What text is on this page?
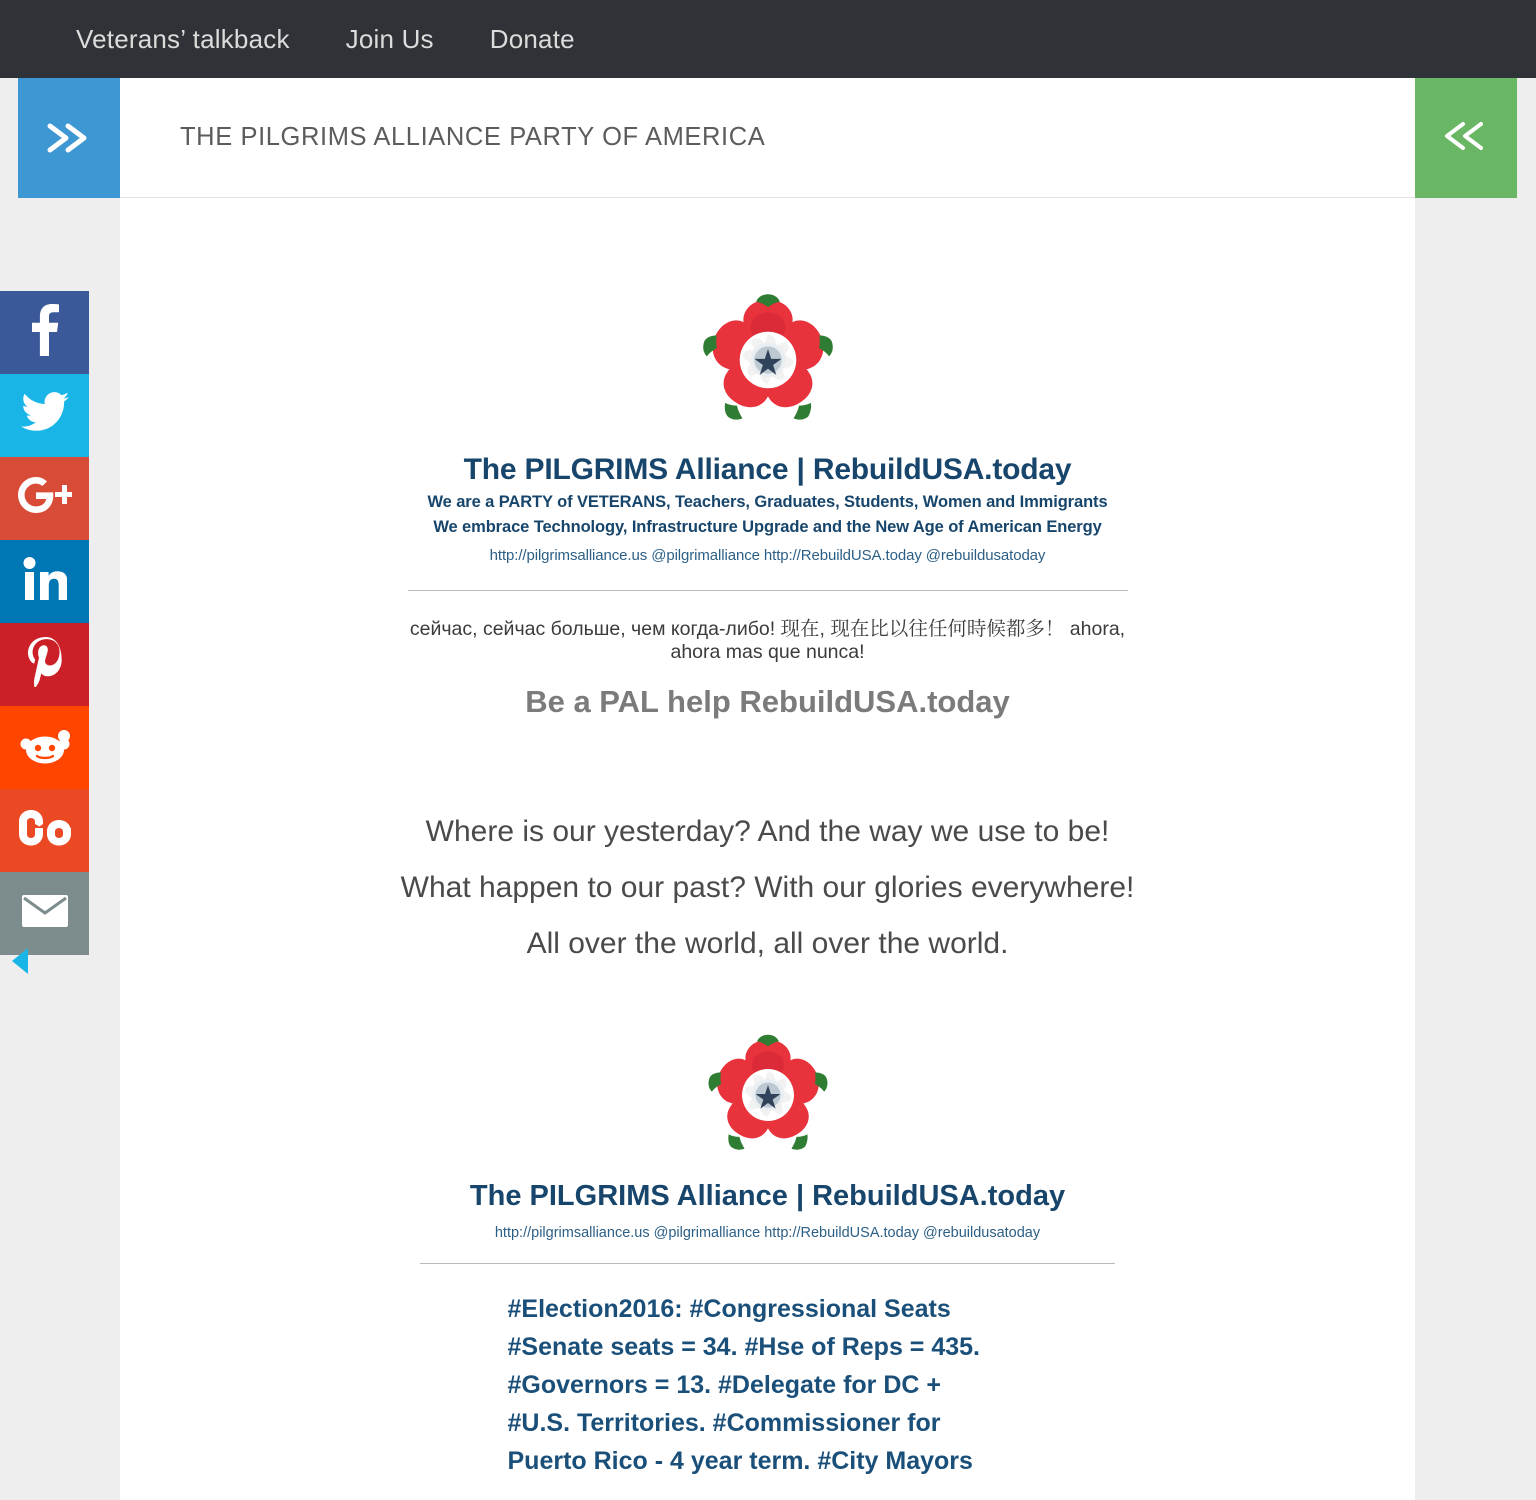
Veterans’ talkback Join Us Donate
THE PILGRIMS ALLIANCE PARTY OF AMERICA
The PILGRIMS Alliance | RebuildUSA.today
We are a PARTY of VETERANS, Teachers, Graduates, Students, Women and Immigrants
We embrace Technology, Infrastructure Upgrade and the New Age of American Energy
http://pilgrimsalliance.us @pilgrimalliance http://RebuildUSA.today @rebuildusatoday
сейчас, сейчас больше, чем когда-либо! 现在, 现在比以往任何時候都多！ ahora, ahora mas que nunca!
Be a PAL help RebuildUSA.today
Where is our yesterday? And the way we use to be!
What happen to our past? With our glories everywhere!
All over the world, all over the world.
The PILGRIMS Alliance | RebuildUSA.today
http://pilgrimsalliance.us @pilgrimalliance http://RebuildUSA.today @rebuildusatoday
#Election2016: #Congressional Seats
#Senate seats = 34. #Hse of Reps = 435.
#Governors = 13. #Delegate for DC +
#U.S. Territories. #Commissioner for
Puerto Rico - 4 year term. #City Mayors
